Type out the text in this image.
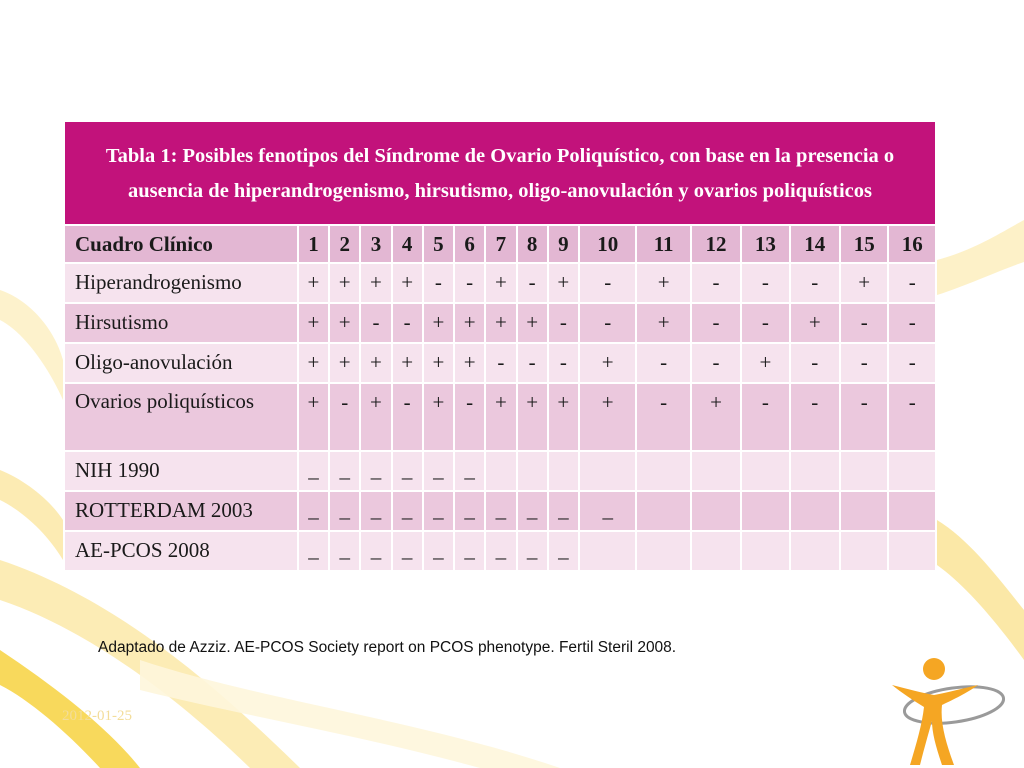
Tabla 1: Posibles fenotipos del Síndrome de Ovario Poliquístico, con base en la presencia o ausencia de hiperandrogenismo, hirsutismo, oligo-anovulación y ovarios poliquísticos																
Cuadro Clínico	1	2	3	4	5	6	7	8	9	10	11	12	13	14	15	16
Hiperandrogenismo	+	+	+	+	-	-	+	-	+	-	+	-	-	-	+	-
Hirsutismo	+	+	-	-	+	+	+	+	-	-	+	-	-	+	-	-
Oligo-anovulación	+	+	+	+	+	+	-	-	-	+	-	-	+	-	-	-
Ovarios poliquísticos	+	-	+	-	+	-	+	+	+	+	-	+	-	-	-	-
NIH 1990	_	_	_	_	_	_										
ROTTERDAM 2003	_	_	_	_	_	_	_	_	_	_						
AE-PCOS 2008	_	_	_	_	_	_	_	_	_							
Adaptado de Azziz. AE-PCOS Society report on PCOS phenotype. Fertil Steril 2008.
2012-01-25
